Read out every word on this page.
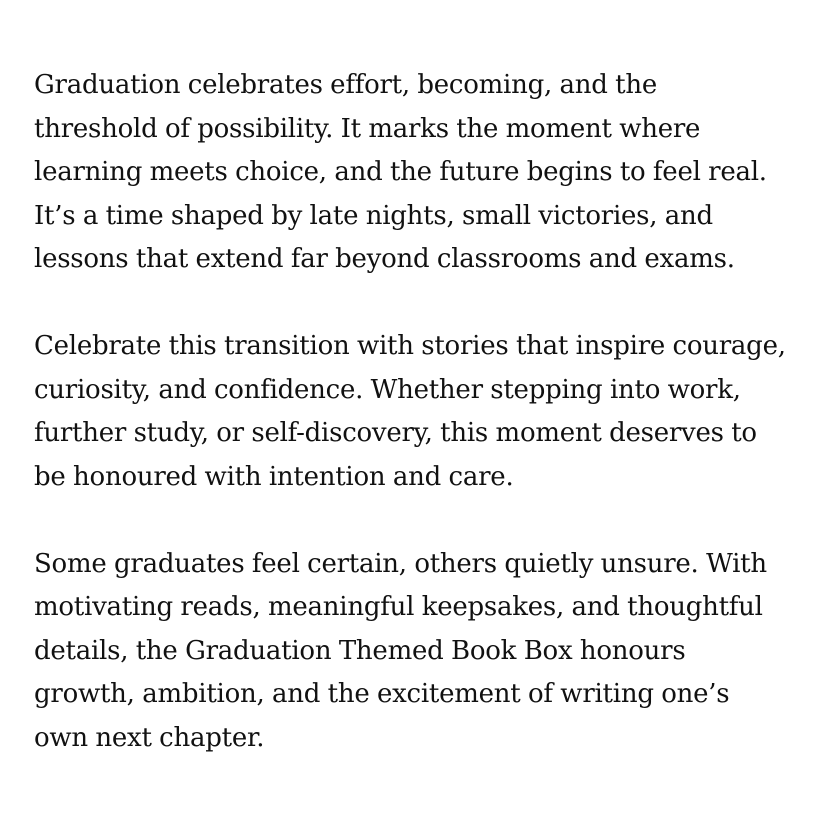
Graduation celebrates effort, becoming, and the
threshold of possibility. It marks the moment where
learning meets choice, and the future begins to feel real.
It’s a time shaped by late nights, small victories, and
lessons that extend far beyond classrooms and exams.

Celebrate this transition with stories that inspire courage,
curiosity, and confidence. Whether stepping into work,
further study, or self-discovery, this moment deserves to
be honoured with intention and care.

Some graduates feel certain, others quietly unsure. With
motivating reads, meaningful keepsakes, and thoughtful
details, the Graduation Themed Book Box honours
growth, ambition, and the excitement of writing one’s
own next chapter.
